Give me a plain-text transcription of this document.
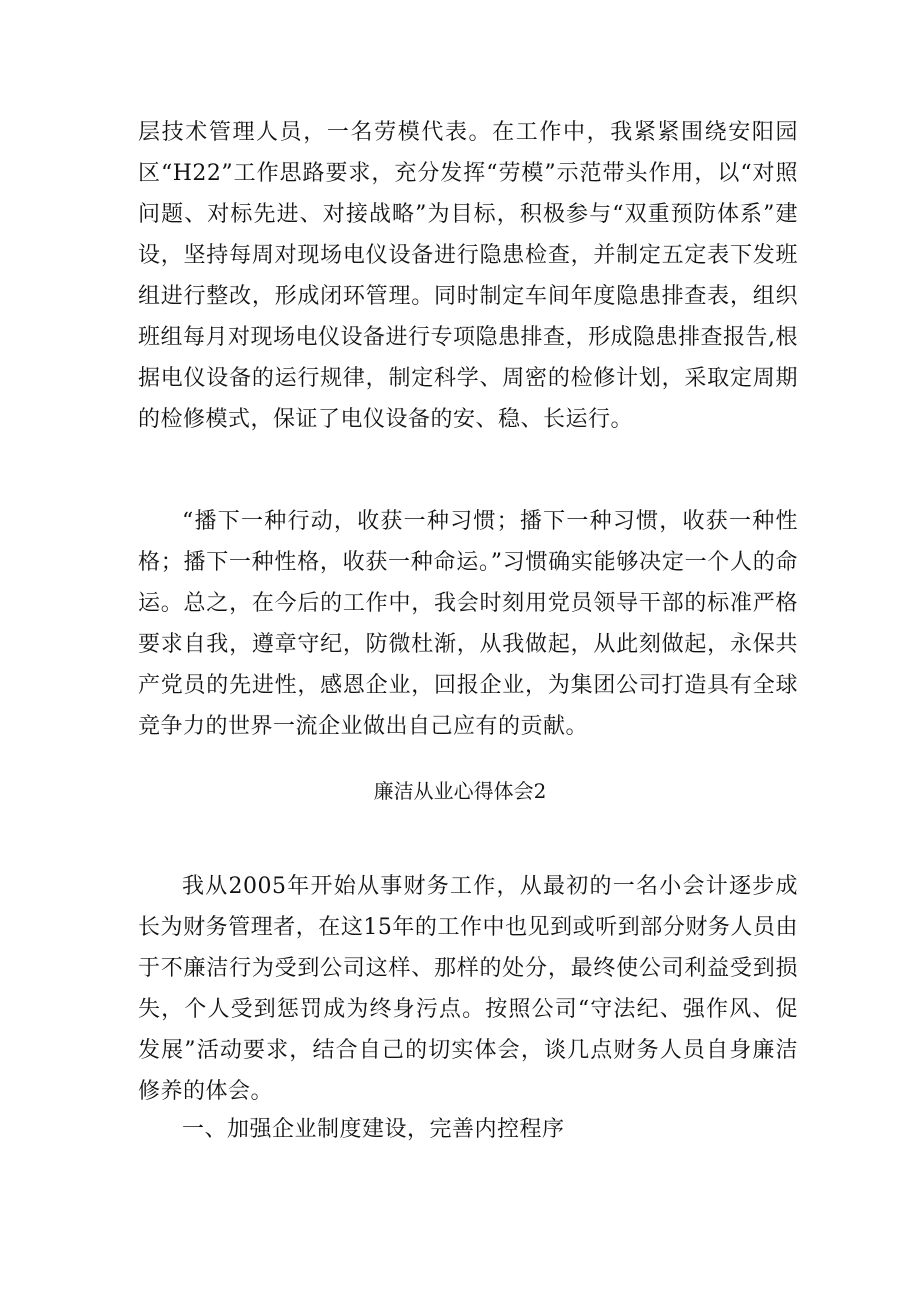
层技术管理人员，一名劳模代表。在工作中，我紧紧围绕安阳园区“H22”工作思路要求，充分发挥“劳模”示范带头作用，以“对照问题、对标先进、对接战略”为目标，积极参与“双重预防体系”建设，坚持每周对现场电仪设备进行隐患检查，并制定五定表下发班组进行整改，形成闭环管理。同时制定车间年度隐患排查表，组织班组每月对现场电仪设备进行专项隐患排查，形成隐患排查报告,根据电仪设备的运行规律，制定科学、周密的检修计划，采取定周期的检修模式，保证了电仪设备的安、稳、长运行。

“播下一种行动，收获一种习惯；播下一种习惯，收获一种性格；播下一种性格，收获一种命运。”习惯确实能够决定一个人的命运。总之，在今后的工作中，我会时刻用党员领导干部的标准严格要求自我，遵章守纪，防微杜渐，从我做起，从此刻做起，永保共产党员的先进性，感恩企业，回报企业，为集团公司打造具有全球竞争力的世界一流企业做出自己应有的贡献。

廉洁从业心得体会2

我从2005年开始从事财务工作，从最初的一名小会计逐步成长为财务管理者，在这15年的工作中也见到或听到部分财务人员由于不廉洁行为受到公司这样、那样的处分，最终使公司利益受到损失，个人受到惩罚成为终身污点。按照公司“守法纪、强作风、促发展”活动要求，结合自己的切实体会，谈几点财务人员自身廉洁修养的体会。

一、加强企业制度建设，完善内控程序
